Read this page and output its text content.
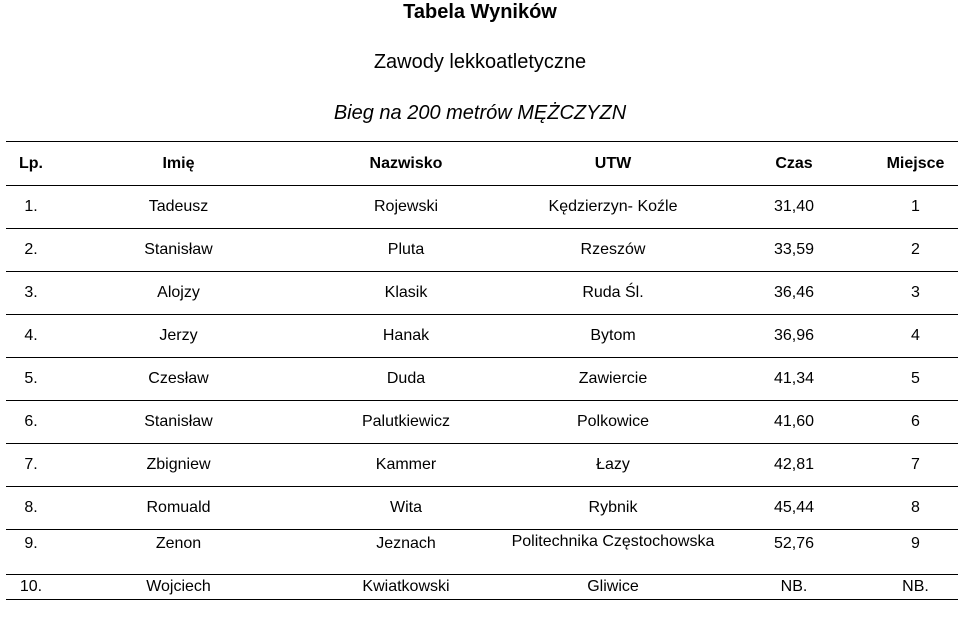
Tabela Wyników
Zawody lekkoatletyczne
Bieg na 200 metrów MĘŻCZYZN
Lp.	Imię	Nazwisko	UTW	Czas	Miejsce
1.	Tadeusz	Rojewski	Kędzierzyn- Koźle	31,40	1
2.	Stanisław	Pluta	Rzeszów	33,59	2
3.	Alojzy	Klasik	Ruda Śl.	36,46	3
4.	Jerzy	Hanak	Bytom	36,96	4
5.	Czesław	Duda	Zawiercie	41,34	5
6.	Stanisław	Palutkiewicz	Polkowice	41,60	6
7.	Zbigniew	Kammer	Łazy	42,81	7
8.	Romuald	Wita	Rybnik	45,44	8
9.	Zenon	Jeznach	Politechnika Częstochowska	52,76	9
10.	Wojciech	Kwiatkowski	Gliwice	NB.	NB.
